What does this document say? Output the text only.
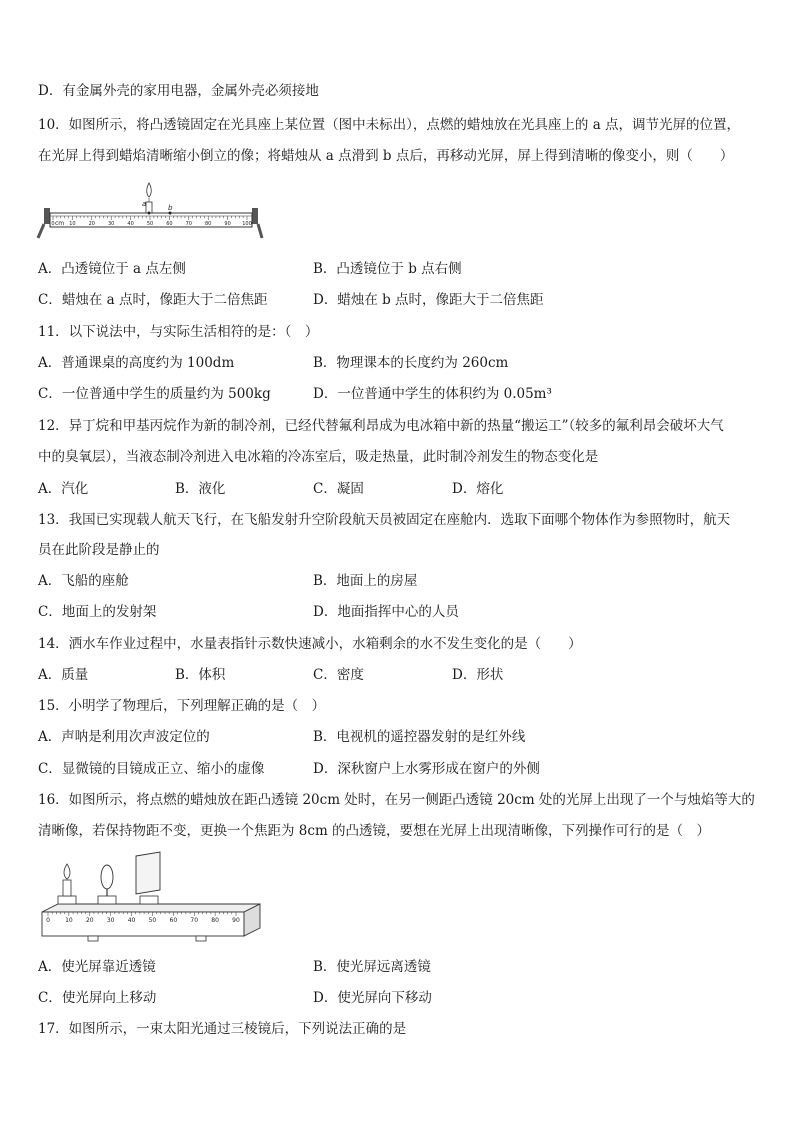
D．有金属外壳的家用电器，金属外壳必须接地
10．如图所示，将凸透镜固定在光具座上某位置（图中未标出），点燃的蜡烛放在光具座上的 a 点，调节光屏的位置，
在光屏上得到蜡焰清晰缩小倒立的像；将蜡烛从 a 点滑到 b 点后，再移动光屏，屏上得到清晰的像变小，则（　　）
0	10	20	30	40	50	60	70	80	90 100
cm
a	b
A．凸透镜位于 a 点左侧	B．凸透镜位于 b 点右侧
C．蜡烛在 a 点时，像距大于二倍焦距	D．蜡烛在 b 点时，像距大于二倍焦距
11．以下说法中，与实际生活相符的是：（　）
A．普通课桌的高度约为 100dm	B．物理课本的长度约为 260cm
C．一位普通中学生的质量约为 500kg	D．一位普通中学生的体积约为 0.05m³
12．异丁烷和甲基丙烷作为新的制冷剂，已经代替氟利昂成为电冰箱中新的热量“搬运工”（较多的氟利昂会破坏大气
中的臭氧层），当液态制冷剂进入电冰箱的冷冻室后，吸走热量，此时制冷剂发生的物态变化是
A．汽化	B．液化	C．凝固	D．熔化
13．我国已实现载人航天飞行，在飞船发射升空阶段航天员被固定在座舱内．选取下面哪个物体作为参照物时，航天
员在此阶段是静止的
A．飞船的座舱	B．地面上的房屋
C．地面上的发射架	D．地面指挥中心的人员
14．洒水车作业过程中，水量表指针示数快速减小，水箱剩余的水不发生变化的是（　　）
A．质量	B．体积	C．密度	D．形状
15．小明学了物理后，下列理解正确的是（　）
A．声呐是利用次声波定位的	B．电视机的遥控器发射的是红外线
C．显微镜的目镜成正立、缩小的虚像	D．深秋窗户上水雾形成在窗户的外侧
16．如图所示，将点燃的蜡烛放在距凸透镜 20cm 处时，在另一侧距凸透镜 20cm 处的光屏上出现了一个与烛焰等大的
清晰像，若保持物距不变，更换一个焦距为 8cm 的凸透镜，要想在光屏上出现清晰像，下列操作可行的是（　）
0	10 20 30 40 50 60 70 80 90
A．使光屏靠近透镜	B．使光屏远离透镜
C．使光屏向上移动	D．使光屏向下移动
17．如图所示，一束太阳光通过三棱镜后，下列说法正确的是
